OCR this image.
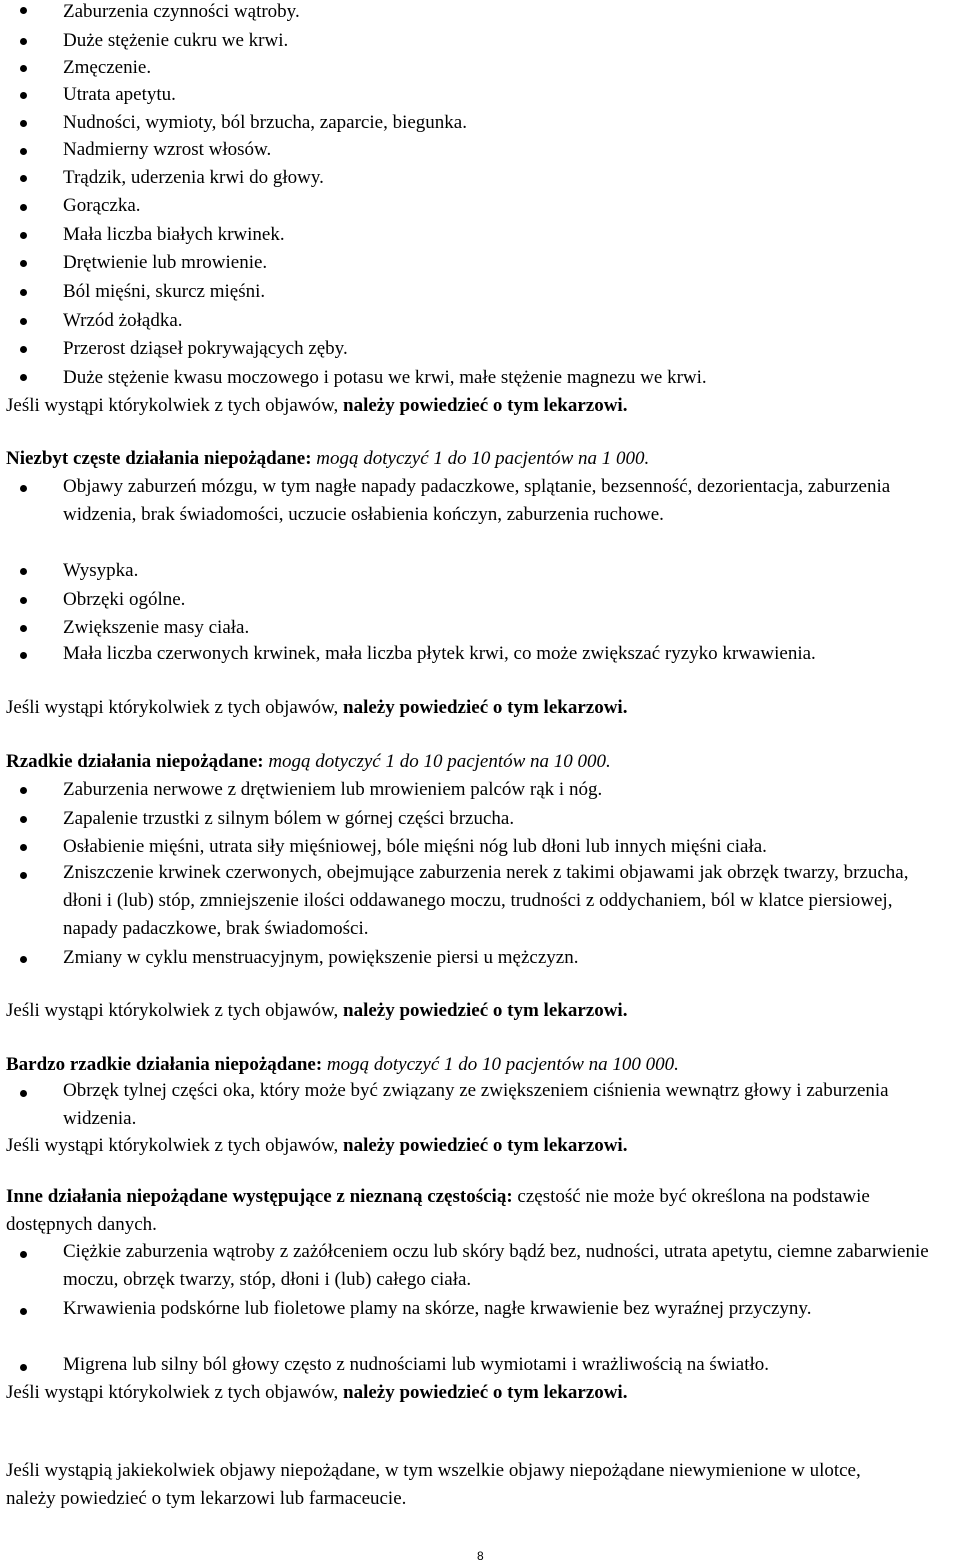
Zaburzenia czynności wątroby.
Duże stężenie cukru we krwi.
Zmęczenie.
Utrata apetytu.
Nudności, wymioty, ból brzucha, zaparcie, biegunka.
Nadmierny wzrost włosów.
Trądzik, uderzenia krwi do głowy.
Gorączka.
Mała liczba białych krwinek.
Drętwienie lub mrowienie.
Ból mięśni, skurcz mięśni.
Wrzód żołądka.
Przerost dziąseł pokrywających zęby.
Duże stężenie kwasu moczowego i potasu we krwi, małe stężenie magnezu we krwi.
Jeśli wystąpi którykolwiek z tych objawów, należy powiedzieć o tym lekarzowi.
Niezbyt częste działania niepożądane: mogą dotyczyć 1 do 10 pacjentów na 1 000.
Objawy zaburzeń mózgu, w tym nagłe napady padaczkowe, splątanie, bezsenność, dezorientacja, zaburzenia widzenia, brak świadomości, uczucie osłabienia kończyn, zaburzenia ruchowe.
Wysypka.
Obrzęki ogólne.
Zwiększenie masy ciała.
Mała liczba czerwonych krwinek, mała liczba płytek krwi, co może zwiększać ryzyko krwawienia.
Jeśli wystąpi którykolwiek z tych objawów, należy powiedzieć o tym lekarzowi.
Rzadkie działania niepożądane: mogą dotyczyć 1 do 10 pacjentów na 10 000.
Zaburzenia nerwowe z drętwieniem lub mrowieniem palców rąk i nóg.
Zapalenie trzustki z silnym bólem w górnej części brzucha.
Osłabienie mięśni, utrata siły mięśniowej, bóle mięśni nóg lub dłoni lub innych mięśni ciała.
Zniszczenie krwinek czerwonych, obejmujące zaburzenia nerek z takimi objawami jak obrzęk twarzy, brzucha, dłoni i (lub) stóp, zmniejszenie ilości oddawanego moczu, trudności z oddychaniem, ból w klatce piersiowej, napady padaczkowe, brak świadomości.
Zmiany w cyklu menstruacyjnym, powiększenie piersi u mężczyzn.
Jeśli wystąpi którykolwiek z tych objawów, należy powiedzieć o tym lekarzowi.
Bardzo rzadkie działania niepożądane: mogą dotyczyć 1 do 10 pacjentów na 100 000.
Obrzęk tylnej części oka, który może być związany ze zwiększeniem ciśnienia wewnątrz głowy i zaburzenia widzenia.
Jeśli wystąpi którykolwiek z tych objawów, należy powiedzieć o tym lekarzowi.
Inne działania niepożądane występujące z nieznaną częstością: częstość nie może być określona na podstawie dostępnych danych.
Ciężkie zaburzenia wątroby z zażółceniem oczu lub skóry bądź bez, nudności, utrata apetytu, ciemne zabarwienie moczu, obrzęk twarzy, stóp, dłoni i (lub) całego ciała.
Krwawienia podskórne lub fioletowe plamy na skórze, nagłe krwawienie bez wyraźnej przyczyny.
Migrena lub silny ból głowy często z nudnościami lub wymiotami i wrażliwością na światło.
Jeśli wystąpi którykolwiek z tych objawów, należy powiedzieć o tym lekarzowi.
Jeśli wystąpią jakiekolwiek objawy niepożądane, w tym wszelkie objawy niepożądane niewymienione w ulotce, należy powiedzieć o tym lekarzowi lub farmaceucie.
8
